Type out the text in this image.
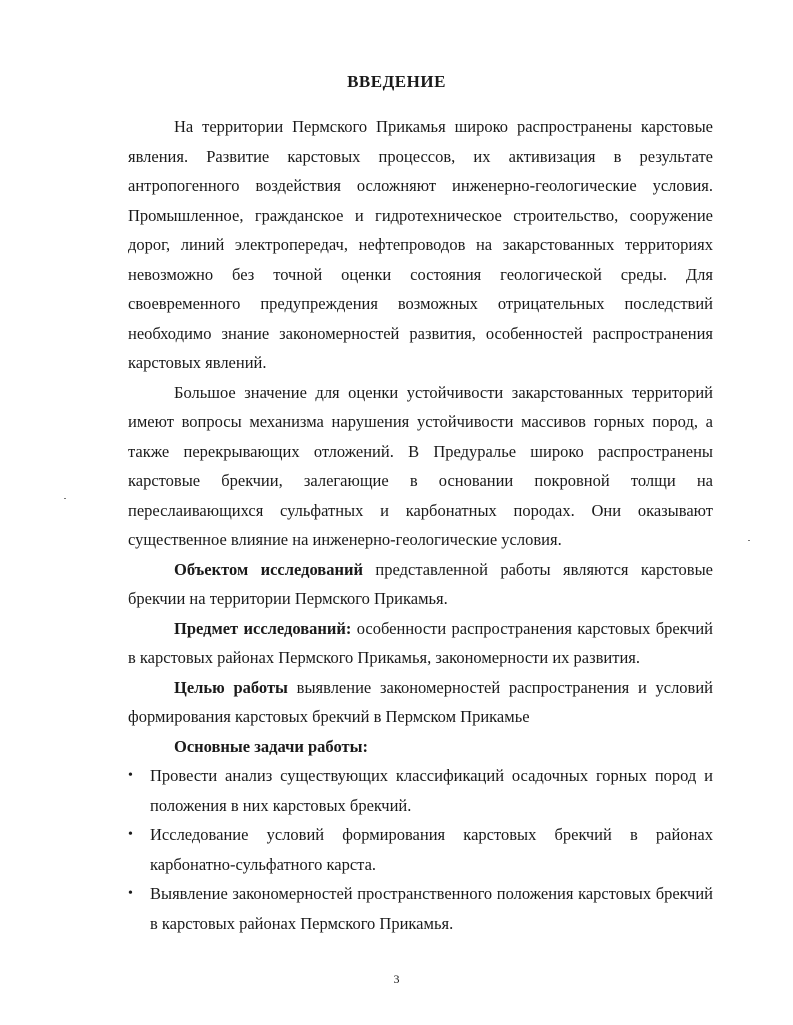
ВВЕДЕНИЕ

На территории Пермского Прикамья широко распространены карстовые явления. Развитие карстовых процессов, их активизация в результате антропогенного воздействия осложняют инженерно-геологические условия. Промышленное, гражданское и гидротехническое строительство, сооружение дорог, линий электропередач, нефтепроводов на закарстованных территориях невозможно без точной оценки состояния геологической среды. Для своевременного предупреждения возможных отрицательных последствий необходимо знание закономерностей развития, особенностей распространения карстовых явлений.

Большое значение для оценки устойчивости закарстованных территорий имеют вопросы механизма нарушения устойчивости массивов горных пород, а также перекрывающих отложений. В Предуралье широко распространены карстовые брекчии, залегающие в основании покровной толщи на переслаивающихся сульфатных и карбонатных породах. Они оказывают существенное влияние на инженерно-геологические условия.

Объектом исследований представленной работы являются карстовые брекчии на территории Пермского Прикамья.

Предмет исследований: особенности распространения карстовых брекчий в карстовых районах Пермского Прикамья, закономерности их развития.

Целью работы выявление закономерностей распространения и условий формирования карстовых брекчий в Пермском Прикамье

Основные задачи работы:

• Провести анализ существующих классификаций осадочных горных пород и положения в них карстовых брекчий.
• Исследование условий формирования карстовых брекчий в районах карбонатно-сульфатного карста.
• Выявление закономерностей пространственного положения карстовых брекчий в карстовых районах Пермского Прикамья.
3
